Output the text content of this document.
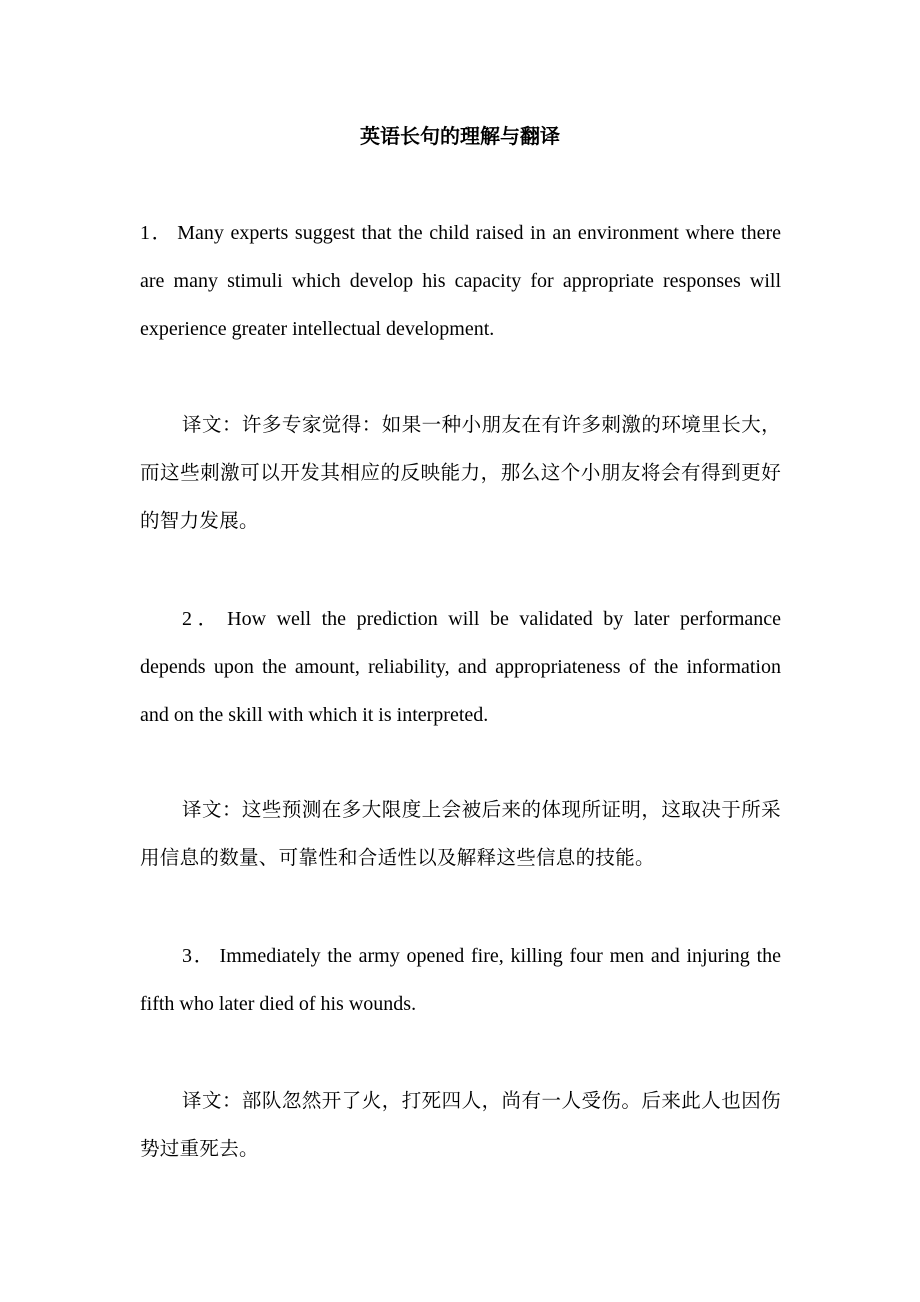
英语长句的理解与翻译

1． Many experts suggest that the child raised in an environment where there are many stimuli which develop his capacity for appropriate responses will experience greater intellectual development.

译文：许多专家觉得：如果一种小朋友在有许多刺激的环境里长大，而这些刺激可以开发其相应的反映能力，那么这个小朋友将会有得到更好的智力发展。

2． How well the prediction will be validated by later performance depends upon the amount, reliability, and appropriateness of the information and on the skill with which it is interpreted.

译文：这些预测在多大限度上会被后来的体现所证明，这取决于所采用信息的数量、可靠性和合适性以及解释这些信息的技能。

3． Immediately the army opened fire, killing four men and injuring the fifth who later died of his wounds.

译文：部队忽然开了火，打死四人，尚有一人受伤。后来此人也因伤势过重死去。
